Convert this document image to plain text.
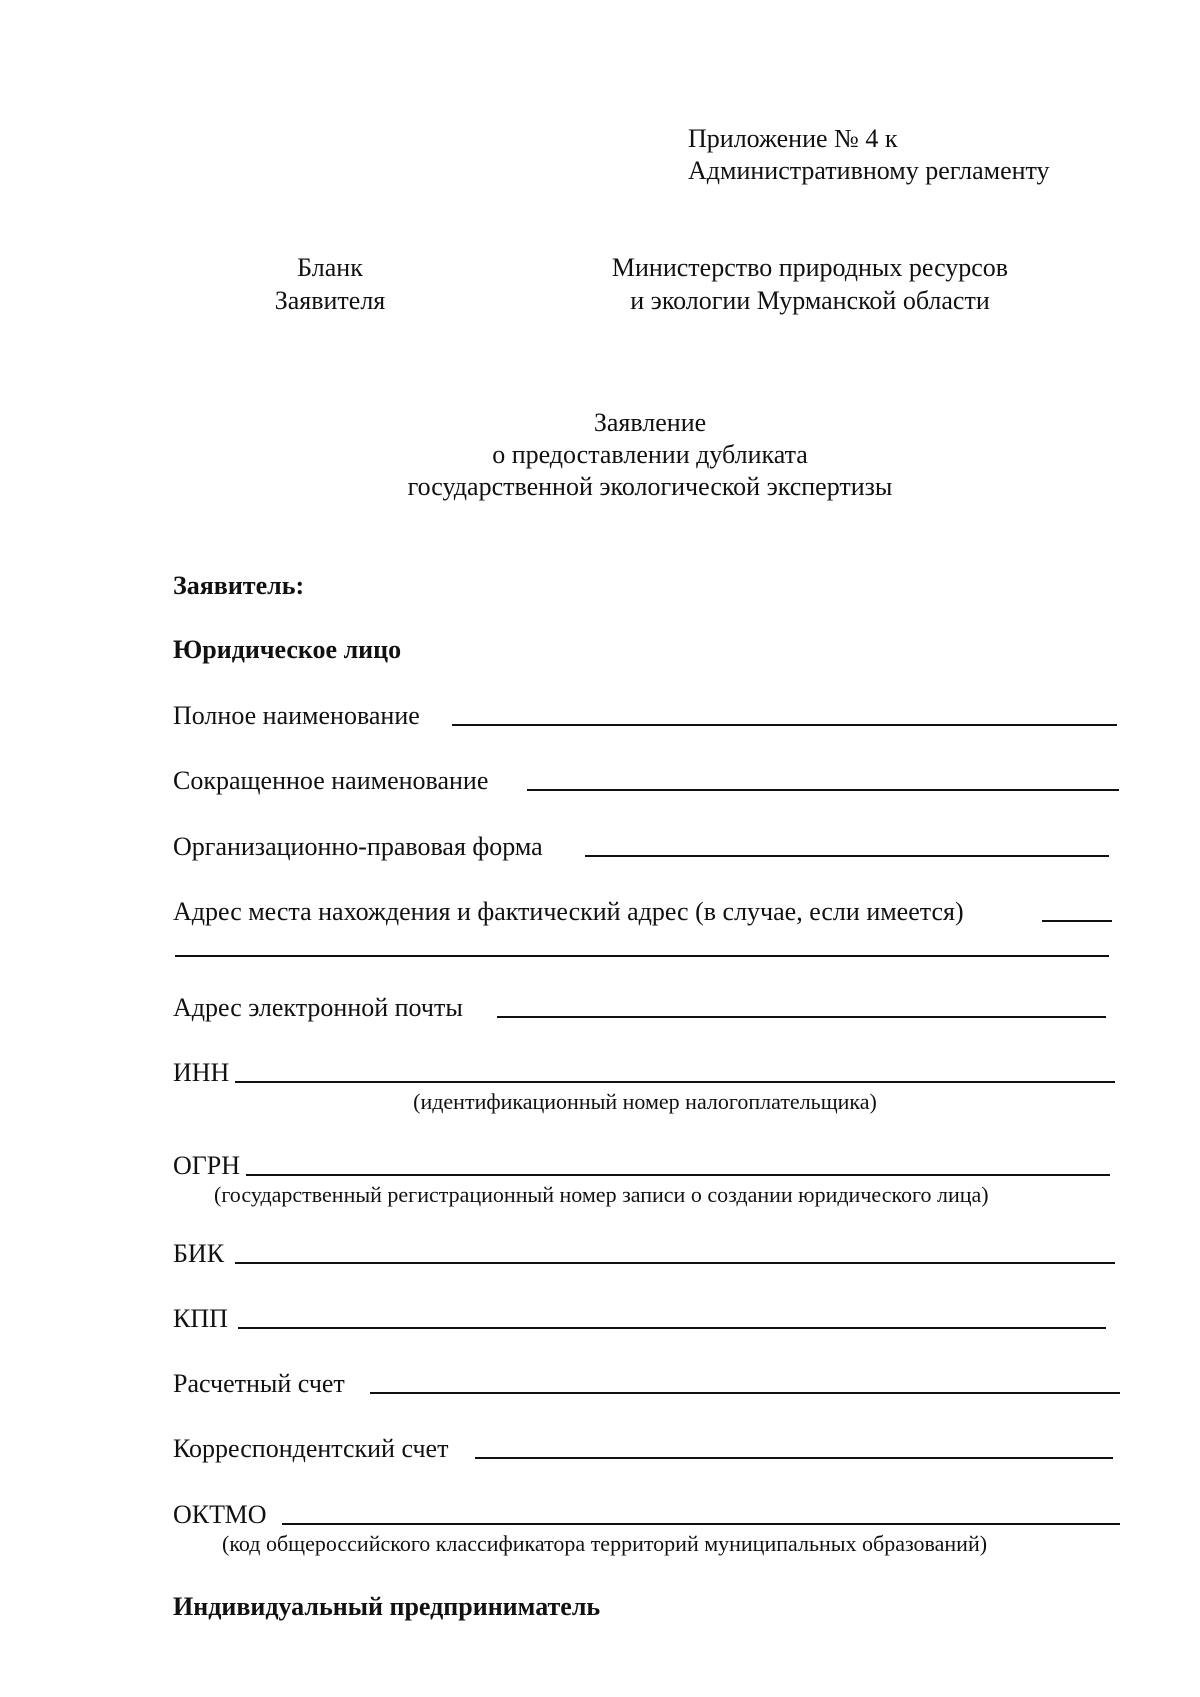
Приложение № 4 к
Административному регламенту
Бланк
Заявителя
Министерство природных ресурсов
и экологии Мурманской области
Заявление
о предоставлении дубликата
государственной экологической экспертизы
Заявитель:
Юридическое лицо
Полное наименование
Сокращенное наименование
Организационно-правовая форма
Адрес места нахождения и фактический адрес (в случае, если имеется)
Адрес электронной почты
ИНН
(идентификационный номер налогоплательщика)
ОГРН
(государственный регистрационный номер записи о создании юридического лица)
БИК
КПП
Расчетный счет
Корреспондентский счет
ОКТМО
(код общероссийского классификатора территорий муниципальных образований)
Индивидуальный предприниматель
